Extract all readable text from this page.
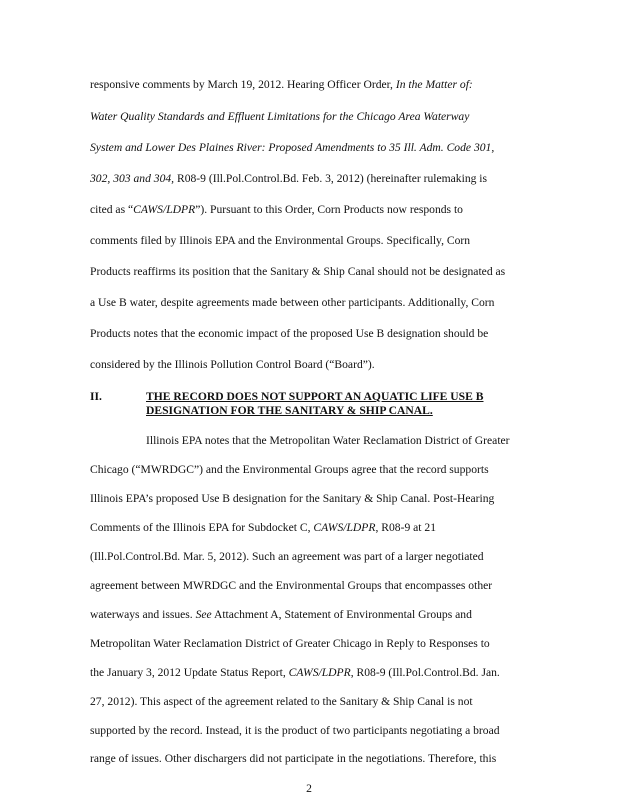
responsive comments by March 19, 2012. Hearing Officer Order, In the Matter of:
Water Quality Standards and Effluent Limitations for the Chicago Area Waterway
System and Lower Des Plaines River: Proposed Amendments to 35 Ill. Adm. Code 301,
302, 303 and 304, R08-9 (Ill.Pol.Control.Bd. Feb. 3, 2012) (hereinafter rulemaking is
cited as “CAWS/LDPR”). Pursuant to this Order, Corn Products now responds to
comments filed by Illinois EPA and the Environmental Groups. Specifically, Corn
Products reaffirms its position that the Sanitary & Ship Canal should not be designated as
a Use B water, despite agreements made between other participants. Additionally, Corn
Products notes that the economic impact of the proposed Use B designation should be
considered by the Illinois Pollution Control Board (“Board”).
II.	THE RECORD DOES NOT SUPPORT AN AQUATIC LIFE USE B
DESIGNATION FOR THE SANITARY & SHIP CANAL.
Illinois EPA notes that the Metropolitan Water Reclamation District of Greater
Chicago (“MWRDGC”) and the Environmental Groups agree that the record supports
Illinois EPA’s proposed Use B designation for the Sanitary & Ship Canal. Post-Hearing
Comments of the Illinois EPA for Subdocket C, CAWS/LDPR, R08-9 at 21
(Ill.Pol.Control.Bd. Mar. 5, 2012). Such an agreement was part of a larger negotiated
agreement between MWRDGC and the Environmental Groups that encompasses other
waterways and issues. See Attachment A, Statement of Environmental Groups and
Metropolitan Water Reclamation District of Greater Chicago in Reply to Responses to
the January 3, 2012 Update Status Report, CAWS/LDPR, R08-9 (Ill.Pol.Control.Bd. Jan.
27, 2012). This aspect of the agreement related to the Sanitary & Ship Canal is not
supported by the record. Instead, it is the product of two participants negotiating a broad
range of issues. Other dischargers did not participate in the negotiations. Therefore, this
2
